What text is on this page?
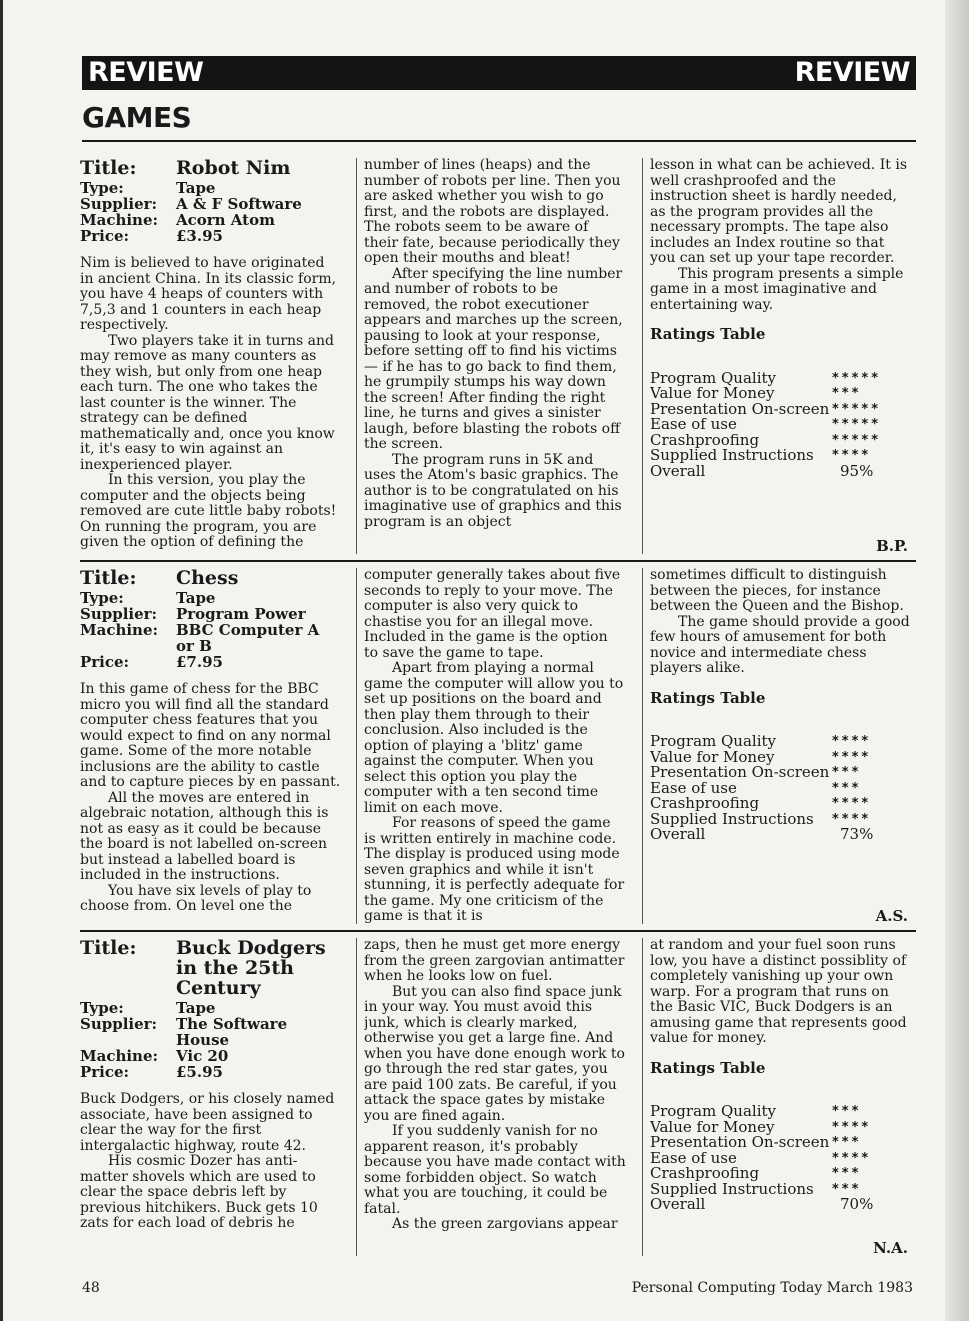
REVIEW	REVIEW
GAMES
Title:	Robot Nim
Type:	Tape
Supplier:	A & F Software
Machine:	Acorn Atom
Price:	£3.95

Nim is believed to have originated in ancient China. In its classic form, you have 4 heaps of counters with 7,5,3 and 1 counters in each heap respectively.

Two players take it in turns and may remove as many counters as they wish, but only from one heap each turn. The one who takes the last counter is the winner. The strategy can be defined mathematically and, once you know it, it's easy to win against an inexperienced player.

In this version, you play the computer and the objects being removed are cute little baby robots! On running the program, you are given the option of defining the

number of lines (heaps) and the number of robots per line. Then you are asked whether you wish to go first, and the robots are displayed. The robots seem to be aware of their fate, because periodically they open their mouths and bleat!

After specifying the line number and number of robots to be removed, the robot executioner appears and marches up the screen, pausing to look at your response, before setting off to find his victims — if he has to go back to find them, he grumpily stumps his way down the screen! After finding the right line, he turns and gives a sinister laugh, before blasting the robots off the screen.

The program runs in 5K and uses the Atom's basic graphics. The author is to be congratulated on his imaginative use of graphics and this program is an object

lesson in what can be achieved. It is well crashproofed and the instruction sheet is hardly needed, as the program provides all the necessary prompts. The tape also includes an Index routine so that you can set up your tape recorder.

This program presents a simple game in a most imaginative and entertaining way.

Ratings Table
Program Quality	*****
Value for Money	***
Presentation On-screen *****
Ease of use	*****
Crashproofing	*****
Supplied Instructions	****
Overall	95%
B.P.
Title:	Chess
Type:	Tape
Supplier:	Program Power
Machine:	BBC Computer A or B
Price:	£7.95

In this game of chess for the BBC micro you will find all the standard computer chess features that you would expect to find on any normal game. Some of the more notable inclusions are the ability to castle and to capture pieces by en passant.

All the moves are entered in algebraic notation, although this is not as easy as it could be because the board is not labelled on-screen but instead a labelled board is included in the instructions.

You have six levels of play to choose from. On level one the

computer generally takes about five seconds to reply to your move. The computer is also very quick to chastise you for an illegal move. Included in the game is the option to save the game to tape.

Apart from playing a normal game the computer will allow you to set up positions on the board and then play them through to their conclusion. Also included is the option of playing a 'blitz' game against the computer. When you select this option you play the computer with a ten second time limit on each move.

For reasons of speed the game is written entirely in machine code. The display is produced using mode seven graphics and while it isn't stunning, it is perfectly adequate for the game. My one criticism of the game is that it is

sometimes difficult to distinguish between the pieces, for instance between the Queen and the Bishop.

The game should provide a good few hours of amusement for both novice and intermediate chess players alike.

Ratings Table
Program Quality	****
Value for Money	****
Presentation On-screen ***
Ease of use	***
Crashproofing	****
Supplied Instructions	****
Overall	73%
A.S.
Title:	Buck Dodgers in the 25th Century
Type:	Tape
Supplier:	The Software House
Machine:	Vic 20
Price:	£5.95

Buck Dodgers, or his closely named associate, have been assigned to clear the way for the first intergalactic highway, route 42.

His cosmic Dozer has anti-matter shovels which are used to clear the space debris left by previous hitchikers. Buck gets 10 zats for each load of debris he

zaps, then he must get more energy from the green zargovian antimatter when he looks low on fuel.

But you can also find space junk in your way. You must avoid this junk, which is clearly marked, otherwise you get a large fine. And when you have done enough work to go through the red star gates, you are paid 100 zats. Be careful, if you attack the space gates by mistake you are fined again.

If you suddenly vanish for no apparent reason, it's probably because you have made contact with some forbidden object. So watch what you are touching, it could be fatal.

As the green zargovians appear

at random and your fuel soon runs low, you have a distinct possiblity of completely vanishing up your own warp. For a program that runs on the Basic VIC, Buck Dodgers is an amusing game that represents good value for money.

Ratings Table
Program Quality	***
Value for Money	****
Presentation On-screen ***
Ease of use	****
Crashproofing	***
Supplied Instructions	***
Overall	70%
N.A.
48	Personal Computing Today March 1983
